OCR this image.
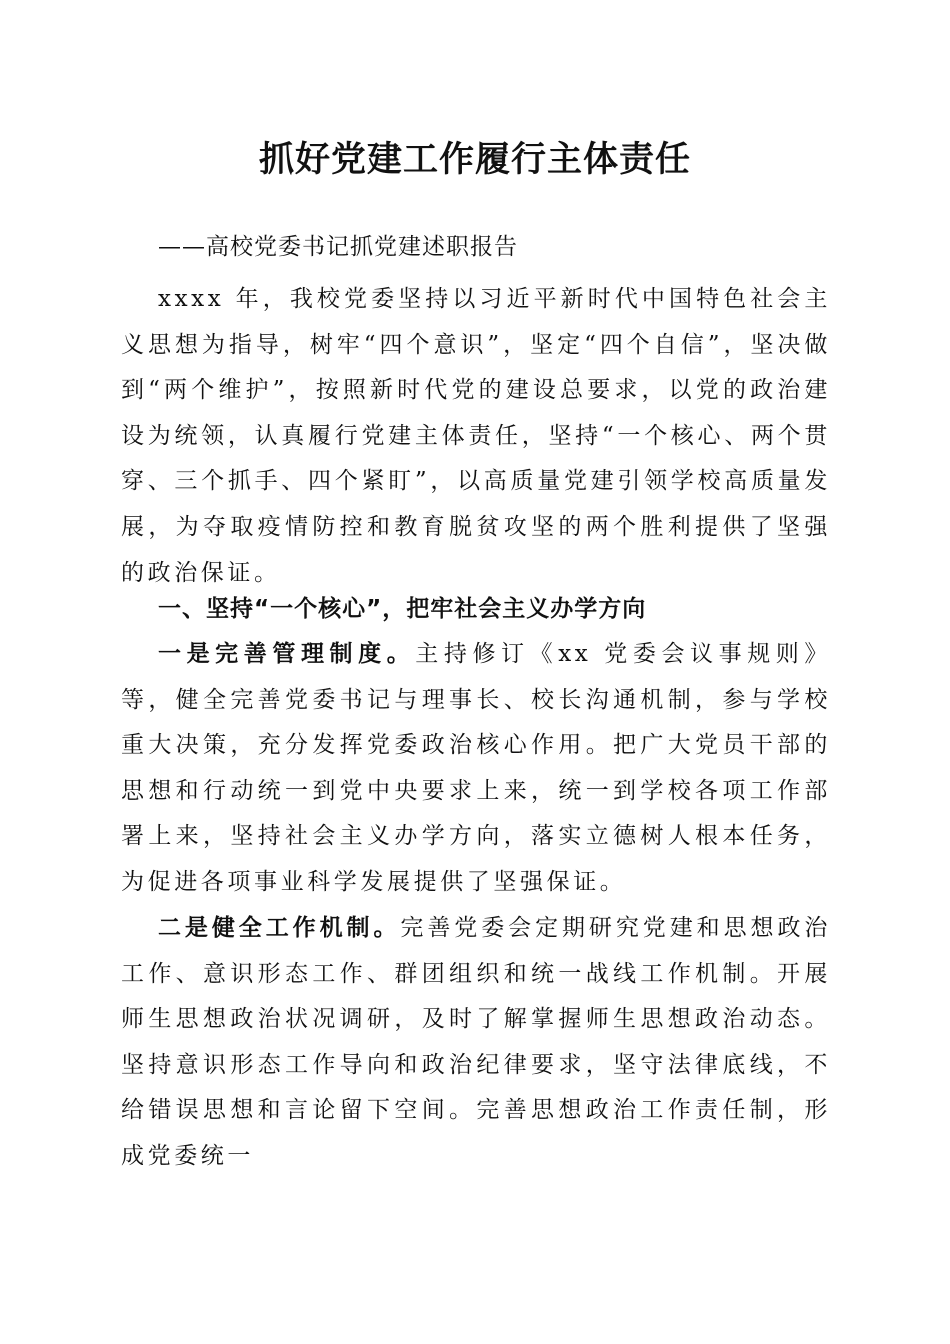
抓好党建工作履行主体责任
——高校党委书记抓党建述职报告

xxxx 年，我校党委坚持以习近平新时代中国特色社会主义思想为指导，树牢“四个意识”，坚定“四个自信”，坚决做到“两个维护”，按照新时代党的建设总要求，以党的政治建设为统领，认真履行党建主体责任，坚持“一个核心、两个贯穿、三个抓手、四个紧盯”，以高质量党建引领学校高质量发展，为夺取疫情防控和教育脱贫攻坚的两个胜利提供了坚强的政治保证。

一、坚持“一个核心”，把牢社会主义办学方向

一是完善管理制度。主持修订《xx 党委会议事规则》等，健全完善党委书记与理事长、校长沟通机制，参与学校重大决策，充分发挥党委政治核心作用。把广大党员干部的思想和行动统一到党中央要求上来，统一到学校各项工作部署上来，坚持社会主义办学方向，落实立德树人根本任务，为促进各项事业科学发展提供了坚强保证。

二是健全工作机制。完善党委会定期研究党建和思想政治工作、意识形态工作、群团组织和统一战线工作机制。开展师生思想政治状况调研，及时了解掌握师生思想政治动态。坚持意识形态工作导向和政治纪律要求，坚守法律底线，不给错误思想和言论留下空间。完善思想政治工作责任制，形成党委统一
